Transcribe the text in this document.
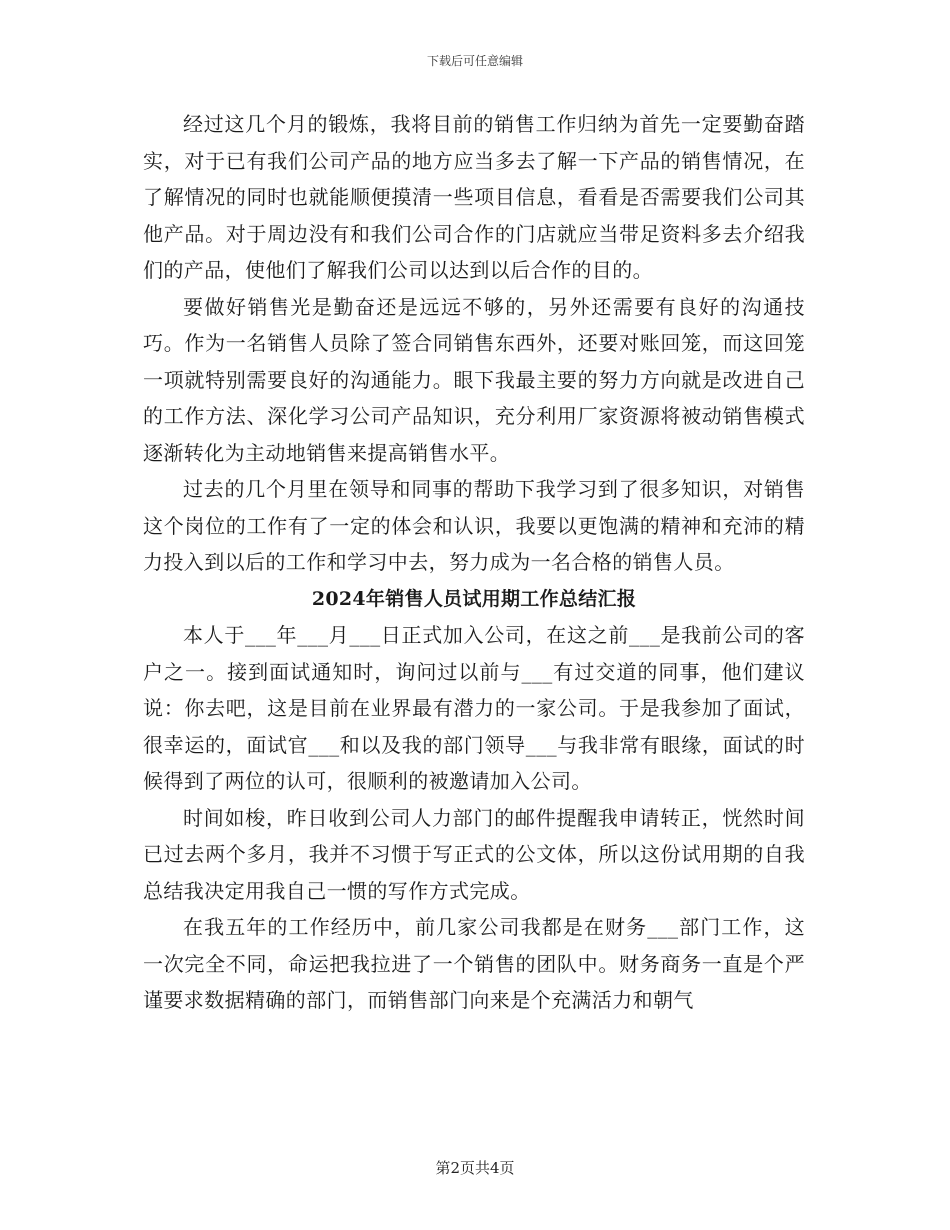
下载后可任意编辑

经过这几个月的锻炼，我将目前的销售工作归纳为首先一定要勤奋踏实，对于已有我们公司产品的地方应当多去了解一下产品的销售情况，在了解情况的同时也就能顺便摸清一些项目信息，看看是否需要我们公司其他产品。对于周边没有和我们公司合作的门店就应当带足资料多去介绍我们的产品，使他们了解我们公司以达到以后合作的目的。

要做好销售光是勤奋还是远远不够的，另外还需要有良好的沟通技巧。作为一名销售人员除了签合同销售东西外，还要对账回笼，而这回笼一项就特别需要良好的沟通能力。眼下我最主要的努力方向就是改进自己的工作方法、深化学习公司产品知识，充分利用厂家资源将被动销售模式逐渐转化为主动地销售来提高销售水平。

过去的几个月里在领导和同事的帮助下我学习到了很多知识，对销售这个岗位的工作有了一定的体会和认识，我要以更饱满的精神和充沛的精力投入到以后的工作和学习中去，努力成为一名合格的销售人员。

2024年销售人员试用期工作总结汇报

本人于___年___月___日正式加入公司，在这之前___是我前公司的客户之一。接到面试通知时，询问过以前与___有过交道的同事，他们建议说：你去吧，这是目前在业界最有潜力的一家公司。于是我参加了面试，很幸运的，面试官___和以及我的部门领导___与我非常有眼缘，面试的时候得到了两位的认可，很顺利的被邀请加入公司。

时间如梭，昨日收到公司人力部门的邮件提醒我申请转正，恍然时间已过去两个多月，我并不习惯于写正式的公文体，所以这份试用期的自我总结我决定用我自己一惯的写作方式完成。

在我五年的工作经历中，前几家公司我都是在财务___部门工作，这一次完全不同，命运把我拉进了一个销售的团队中。财务商务一直是个严谨要求数据精确的部门，而销售部门向来是个充满活力和朝气

第2页共4页
